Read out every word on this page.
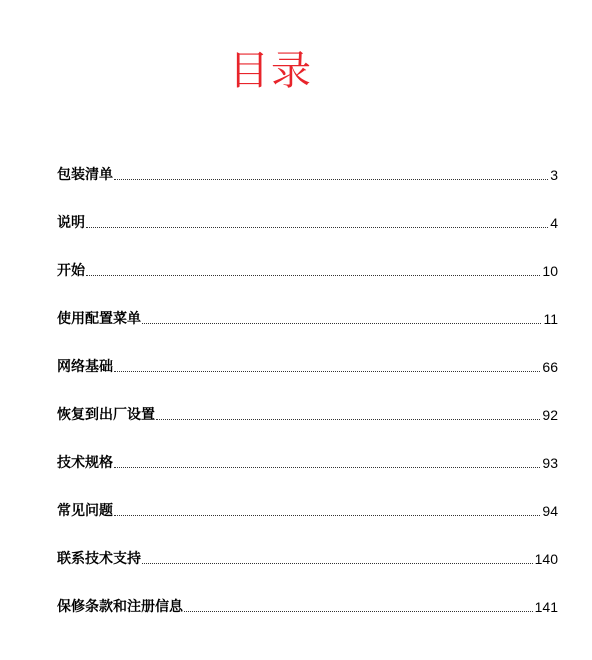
目录
包装清单	3
说明	4
开始	10
使用配置菜单	11
网络基础	66
恢复到出厂设置	92
技术规格	93
常见问题	94
联系技术支持	140
保修条款和注册信息	141
